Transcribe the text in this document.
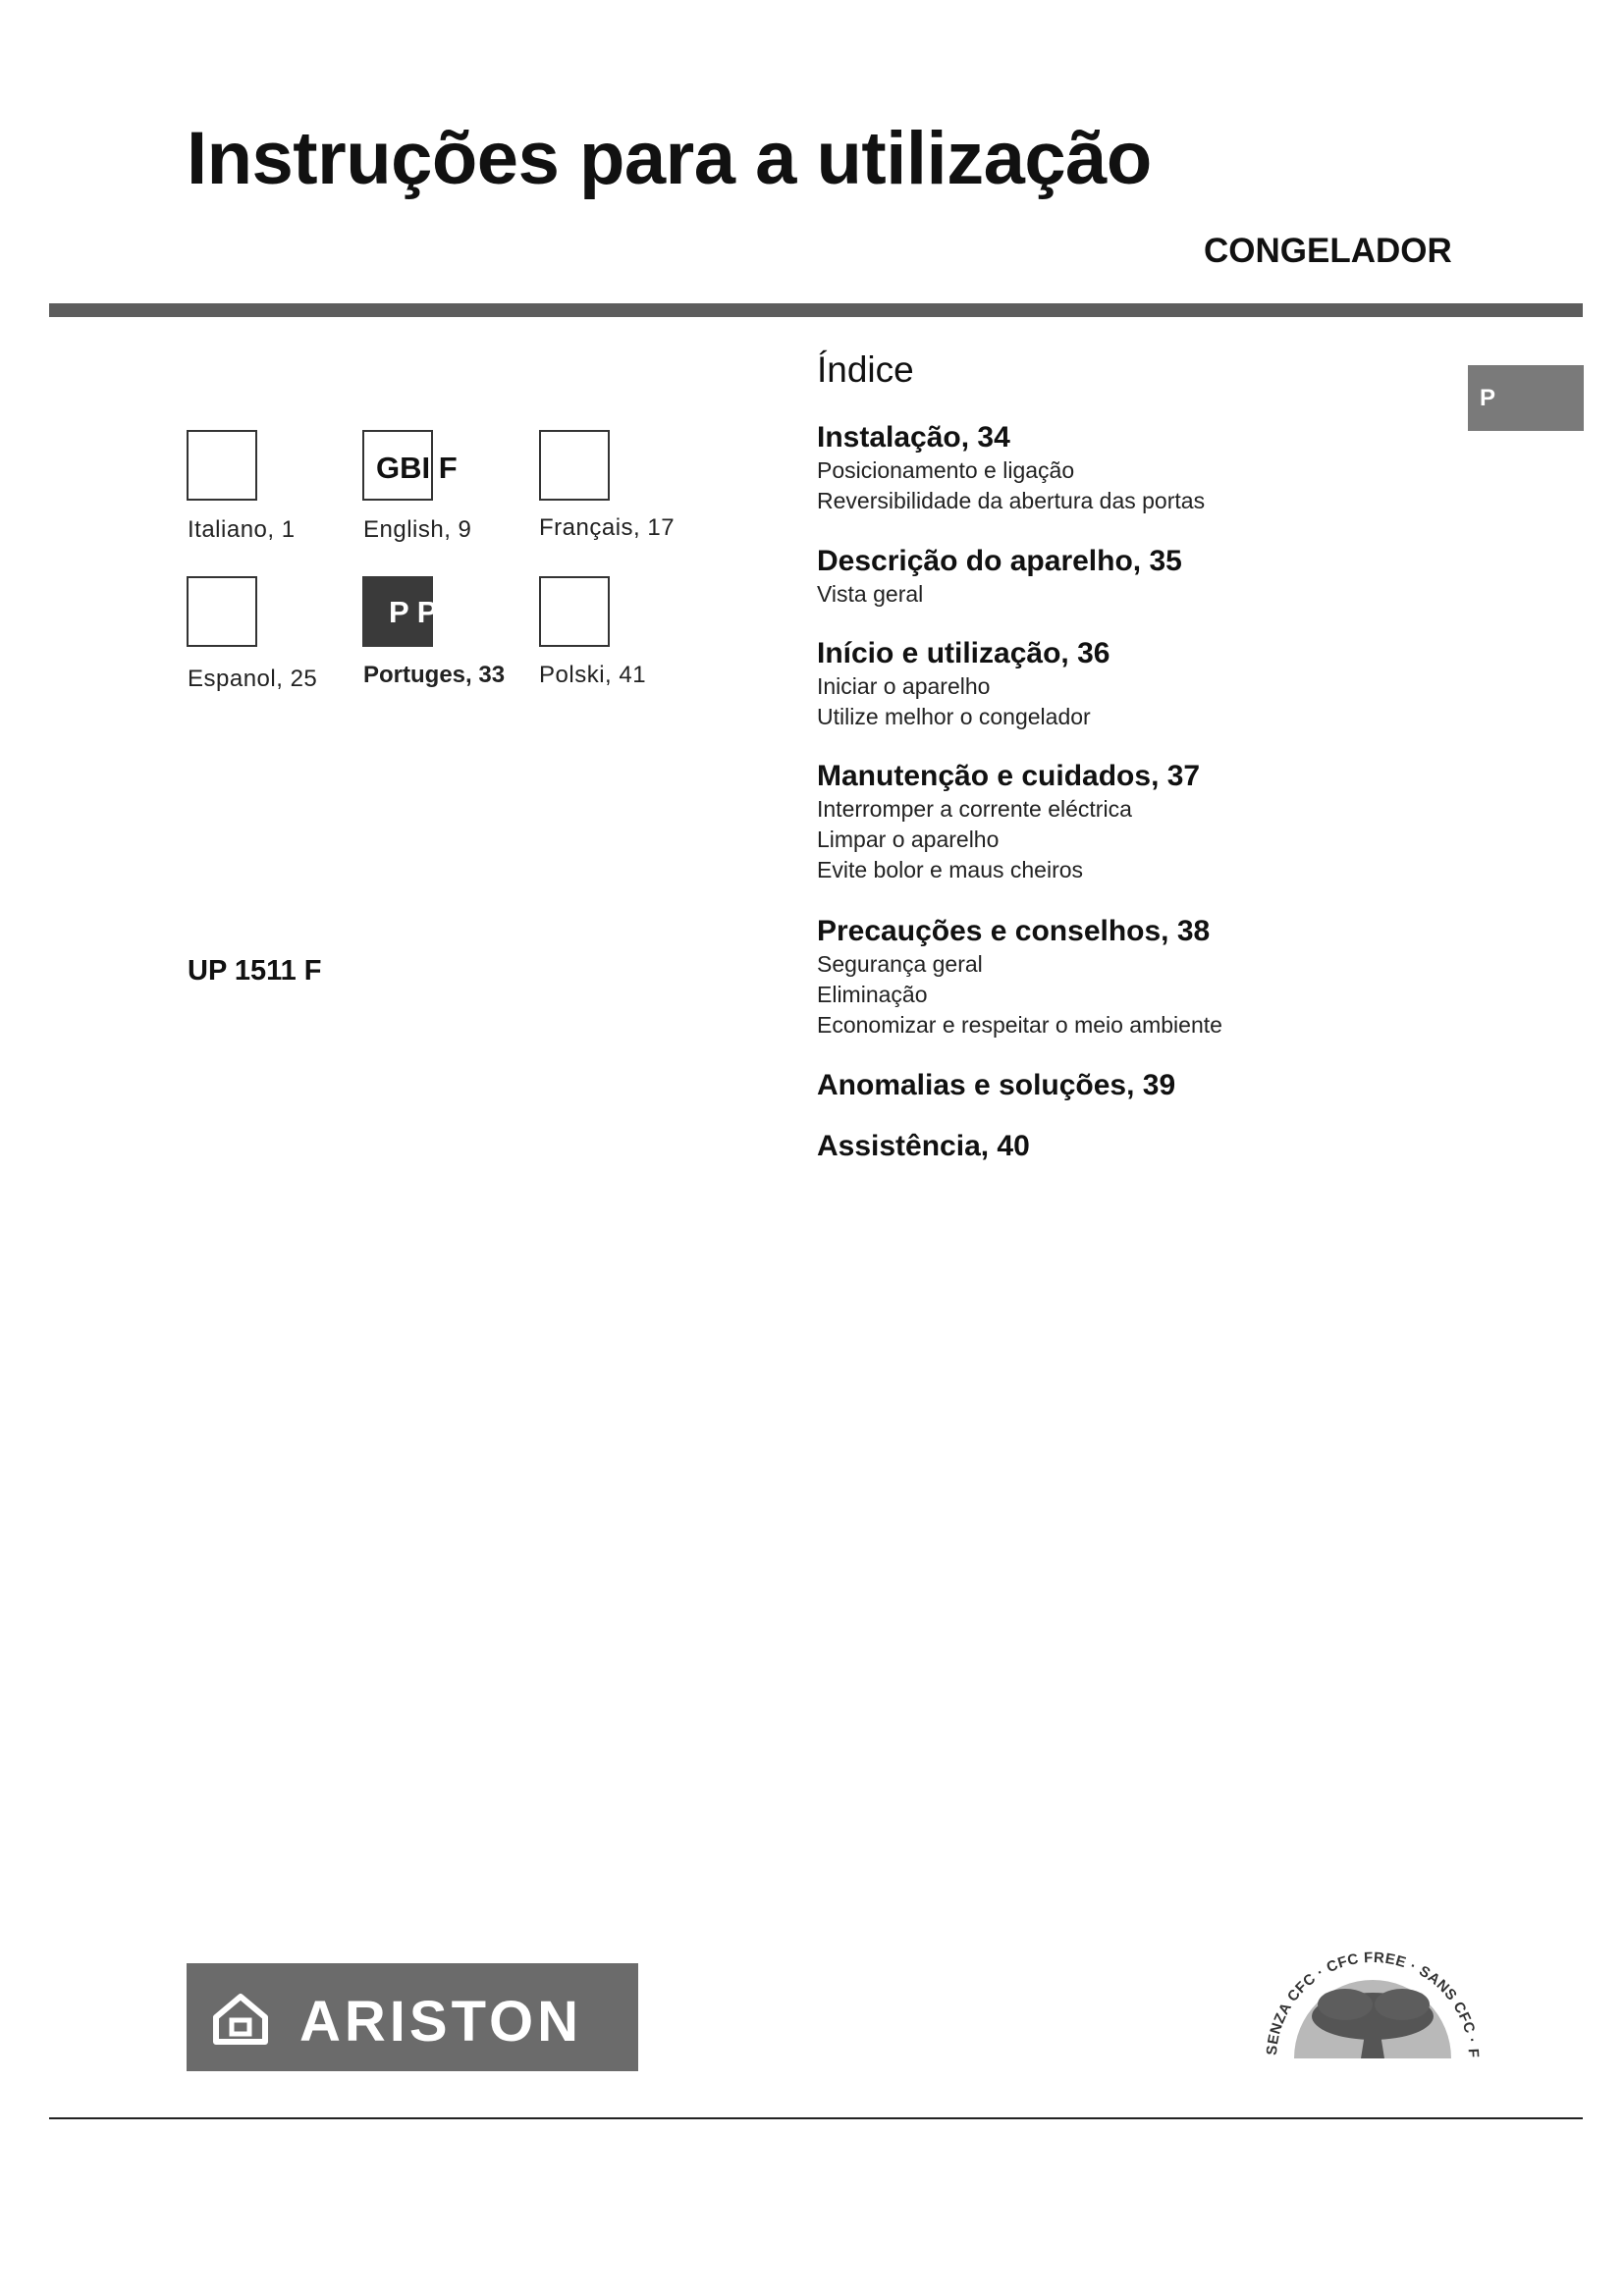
Instruções para a utilização
CONGELADOR
P
Italiano, 1
GBI F
English, 9	Français, 17
Espanol, 25
P PLE
Portuges, 33 Polski, 41
UP 1511 F
Índice
Instalação, 34
Posicionamento e ligação
Reversibilidade da abertura das portas
Descrição do aparelho, 35
Vista geral
Início e utilização, 36
Iniciar o aparelho
Utilize melhor o congelador
Manutenção e cuidados, 37
Interromper a corrente eléctrica
Limpar o aparelho
Evite bolor e maus cheiros
Precauções e conselhos, 38
Segurança geral
Eliminação
Economizar e respeitar o meio ambiente
Anomalias e soluções, 39
Assistência, 40
ARISTON	SENZA CFC · CFC FREE · SANS CFC · F
